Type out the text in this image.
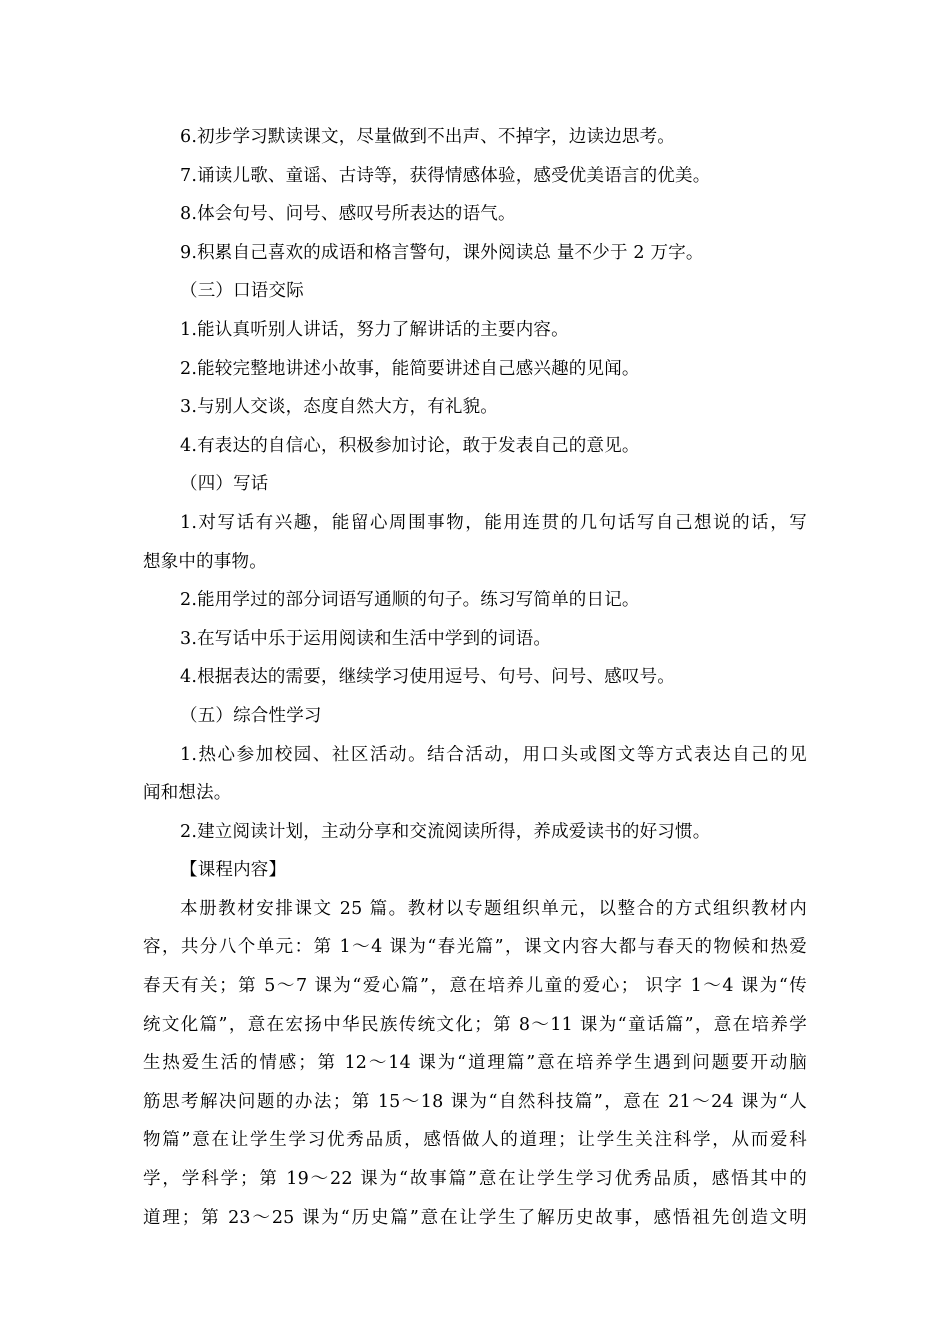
6.初步学习默读课文，尽量做到不出声、不掉字，边读边思考。
7.诵读儿歌、童谣、古诗等，获得情感体验，感受优美语言的优美。
8.体会句号、问号、感叹号所表达的语气。
9.积累自己喜欢的成语和格言警句，课外阅读总 量不少于 2 万字。
（三）口语交际
1.能认真听别人讲话，努力了解讲话的主要内容。
2.能较完整地讲述小故事，能简要讲述自己感兴趣的见闻。
3.与别人交谈，态度自然大方，有礼貌。
4.有表达的自信心，积极参加讨论，敢于发表自己的意见。
（四）写话
1.对写话有兴趣，能留心周围事物，能用连贯的几句话写自己想说的话，写
想象中的事物。
2.能用学过的部分词语写通顺的句子。练习写简单的日记。
3.在写话中乐于运用阅读和生活中学到的词语。
4.根据表达的需要，继续学习使用逗号、句号、问号、感叹号。
（五）综合性学习
1.热心参加校园、社区活动。结合活动，用口头或图文等方式表达自己的见
闻和想法。
2.建立阅读计划，主动分享和交流阅读所得，养成爱读书的好习惯。
【课程内容】
本册教材安排课文 25 篇。教材以专题组织单元，以整合的方式组织教材内
容，共分八个单元：第 1～4 课为“春光篇”，课文内容大都与春天的物候和热爱
春天有关；第 5～7 课为“爱心篇”，意在培养儿童的爱心； 识字 1～4 课为“传
统文化篇”，意在宏扬中华民族传统文化；第 8～11 课为“童话篇”，意在培养学
生热爱生活的情感；第 12～14 课为“道理篇”意在培养学生遇到问题要开动脑
筋思考解决问题的办法；第 15～18 课为“自然科技篇”，意在 21～24 课为“人
物篇”意在让学生学习优秀品质，感悟做人的道理；让学生关注科学，从而爱科
学，学科学；第 19～22 课为“故事篇”意在让学生学习优秀品质，感悟其中的
道理；第 23～25 课为“历史篇”意在让学生了解历史故事，感悟祖先创造文明
